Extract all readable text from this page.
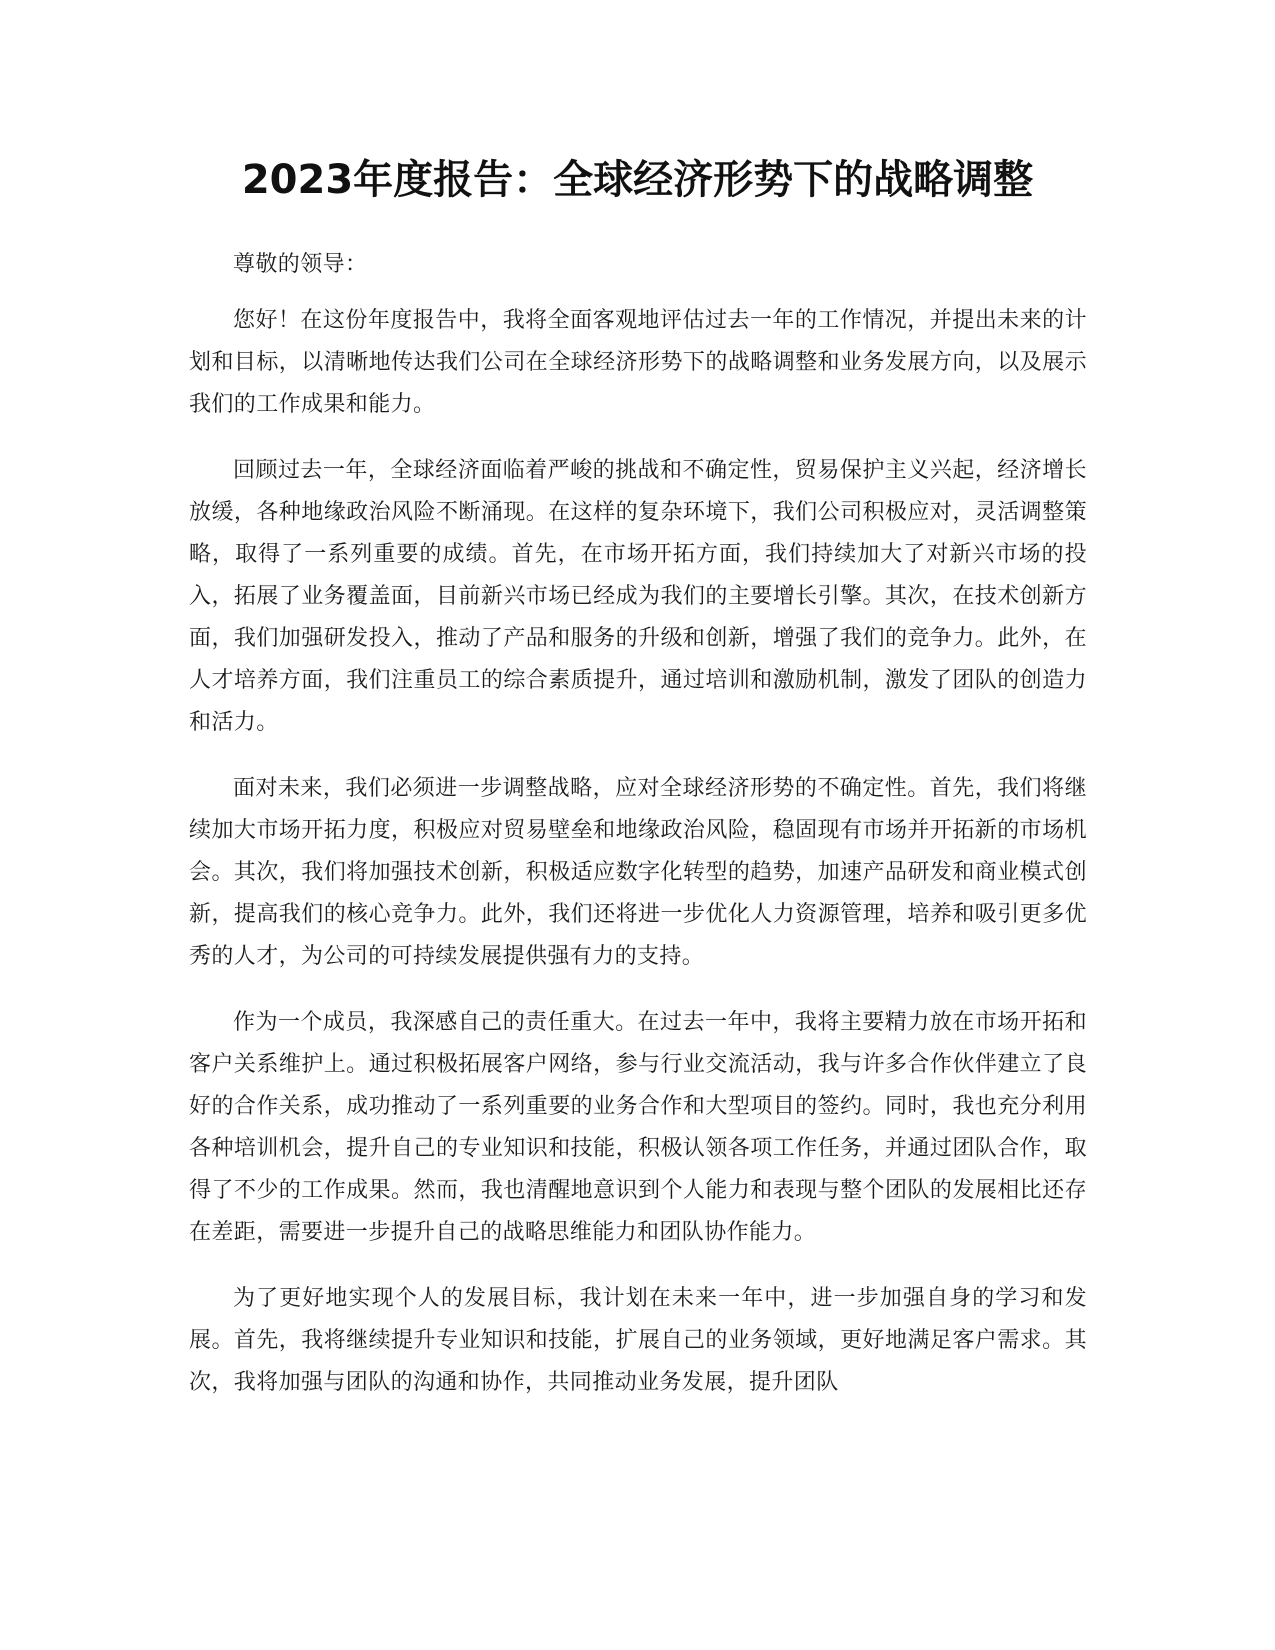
2023年度报告：全球经济形势下的战略调整

尊敬的领导：

您好！在这份年度报告中，我将全面客观地评估过去一年的工作情况，并提出未来的计划和目标，以清晰地传达我们公司在全球经济形势下的战略调整和业务发展方向，以及展示我们的工作成果和能力。

回顾过去一年，全球经济面临着严峻的挑战和不确定性，贸易保护主义兴起，经济增长放缓，各种地缘政治风险不断涌现。在这样的复杂环境下，我们公司积极应对，灵活调整策略，取得了一系列重要的成绩。首先，在市场开拓方面，我们持续加大了对新兴市场的投入，拓展了业务覆盖面，目前新兴市场已经成为我们的主要增长引擎。其次，在技术创新方面，我们加强研发投入，推动了产品和服务的升级和创新，增强了我们的竞争力。此外，在人才培养方面，我们注重员工的综合素质提升，通过培训和激励机制，激发了团队的创造力和活力。

面对未来，我们必须进一步调整战略，应对全球经济形势的不确定性。首先，我们将继续加大市场开拓力度，积极应对贸易壁垒和地缘政治风险，稳固现有市场并开拓新的市场机会。其次，我们将加强技术创新，积极适应数字化转型的趋势，加速产品研发和商业模式创新，提高我们的核心竞争力。此外，我们还将进一步优化人力资源管理，培养和吸引更多优秀的人才，为公司的可持续发展提供强有力的支持。

作为一个成员，我深感自己的责任重大。在过去一年中，我将主要精力放在市场开拓和客户关系维护上。通过积极拓展客户网络，参与行业交流活动，我与许多合作伙伴建立了良好的合作关系，成功推动了一系列重要的业务合作和大型项目的签约。同时，我也充分利用各种培训机会，提升自己的专业知识和技能，积极认领各项工作任务，并通过团队合作，取得了不少的工作成果。然而，我也清醒地意识到个人能力和表现与整个团队的发展相比还存在差距，需要进一步提升自己的战略思维能力和团队协作能力。

为了更好地实现个人的发展目标，我计划在未来一年中，进一步加强自身的学习和发展。首先，我将继续提升专业知识和技能，扩展自己的业务领域，更好地满足客户需求。其次，我将加强与团队的沟通和协作，共同推动业务发展，提升团队
